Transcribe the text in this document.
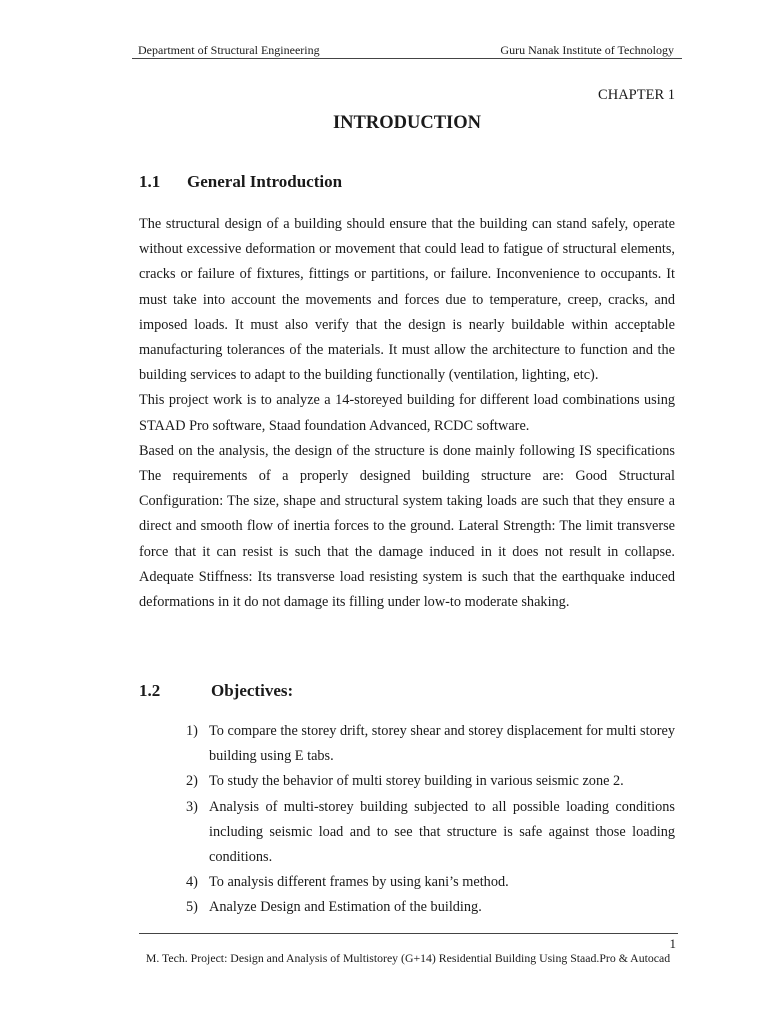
Department of Structural Engineering	Guru Nanak Institute of Technology
CHAPTER 1
INTRODUCTION
1.1 General Introduction

The structural design of a building should ensure that the building can stand safely, operate without excessive deformation or movement that could lead to fatigue of structural elements, cracks or failure of fixtures, fittings or partitions, or failure. Inconvenience to occupants. It must take into account the movements and forces due to temperature, creep, cracks, and imposed loads. It must also verify that the design is nearly buildable within acceptable manufacturing tolerances of the materials. It must allow the architecture to function and the building services to adapt to the building functionally (ventilation, lighting, etc).

This project work is to analyze a 14-storeyed building for different load combinations using STAAD Pro software, Staad foundation Advanced, RCDC software.

Based on the analysis, the design of the structure is done mainly following IS specifications The requirements of a properly designed building structure are: Good Structural Configuration: The size, shape and structural system taking loads are such that they ensure a direct and smooth flow of inertia forces to the ground. Lateral Strength: The limit transverse force that it can resist is such that the damage induced in it does not result in collapse. Adequate Stiffness: Its transverse load resisting system is such that the earthquake induced deformations in it do not damage its filling under low-to moderate shaking.

1.2	Objectives:
1) To compare the storey drift, storey shear and storey displacement for multi storey building using E tabs.
2) To study the behavior of multi storey building in various seismic zone 2.
3) Analysis of multi-storey building subjected to all possible loading conditions including seismic load and to see that structure is safe against those loading conditions.
4) To analysis different frames by using kani’s method.
5) Analyze Design and Estimation of the building.
1
M. Tech. Project: Design and Analysis of Multistorey (G+14) Residential Building Using Staad.Pro & Autocad
